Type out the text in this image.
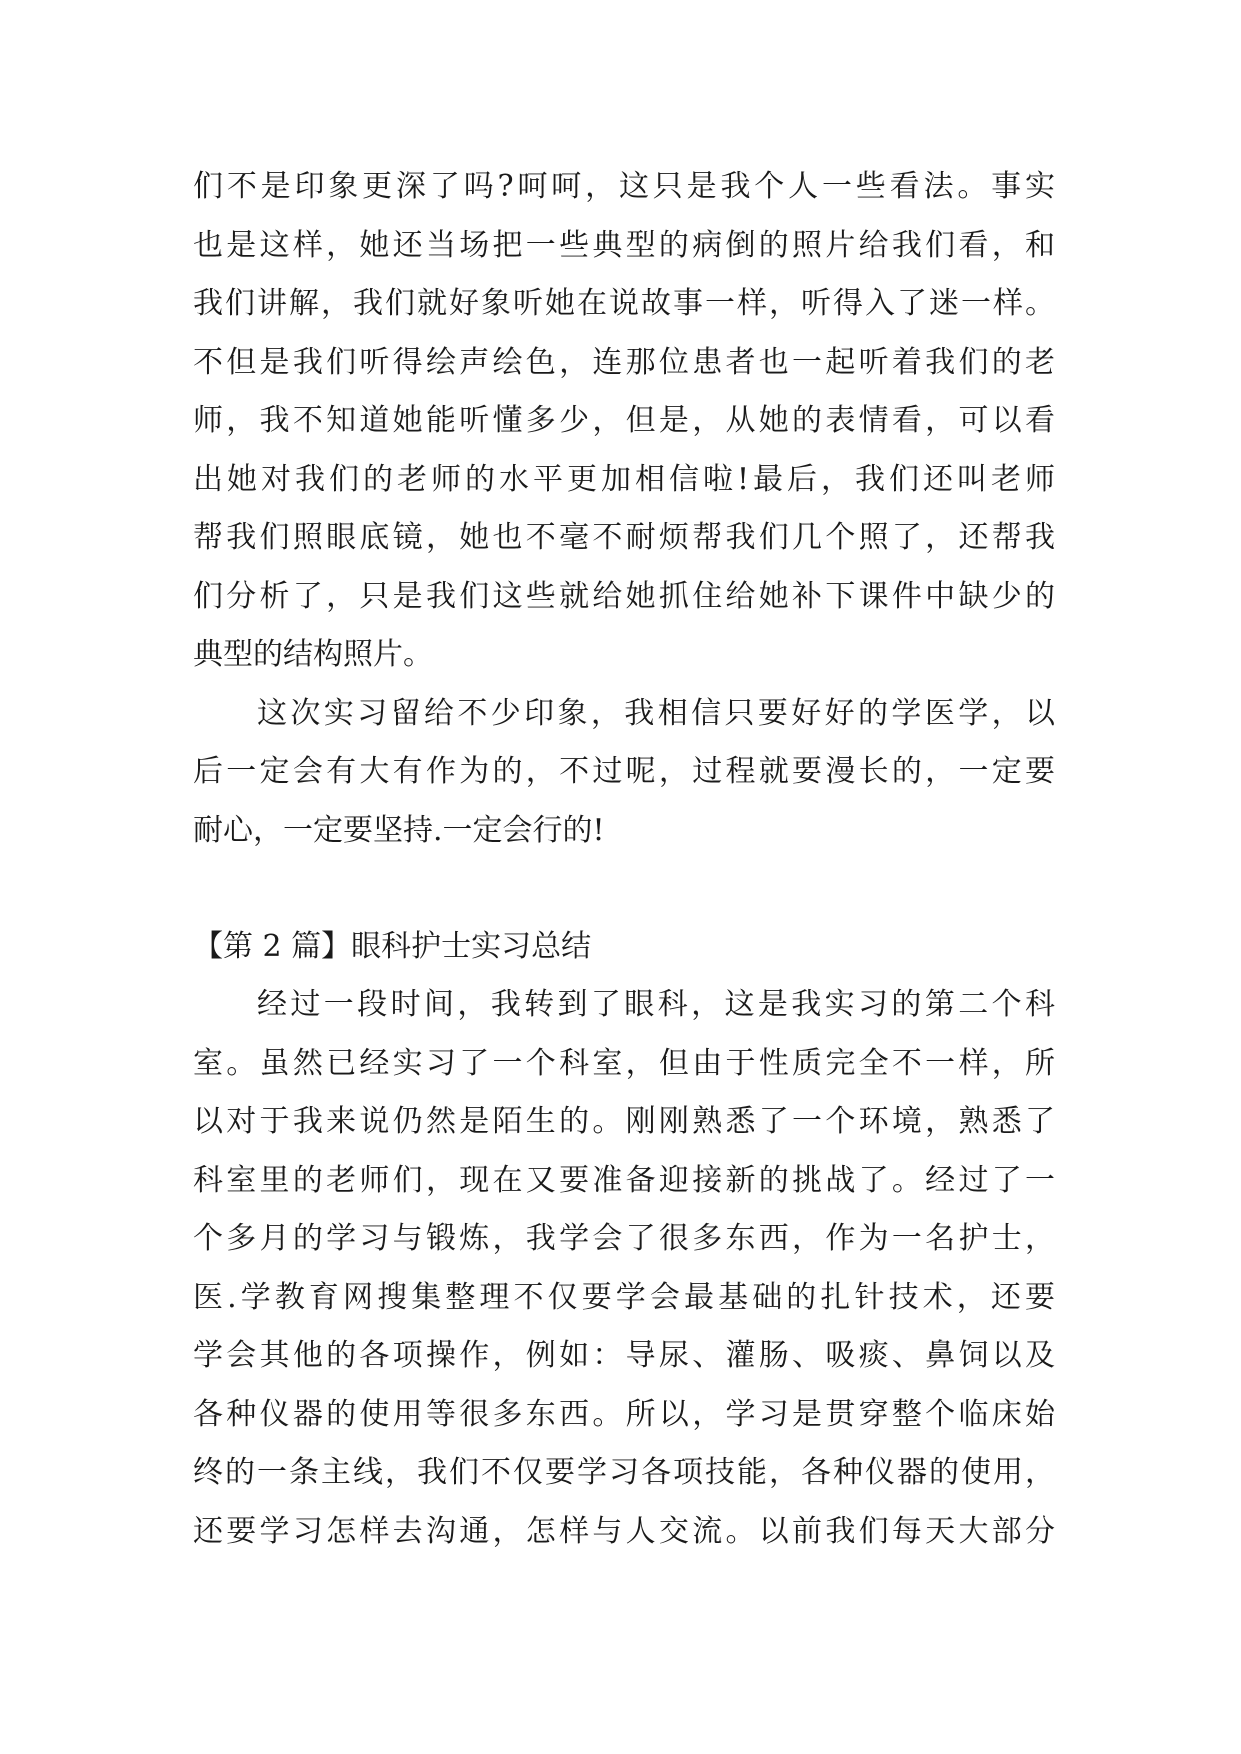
们不是印象更深了吗?呵呵，这只是我个人一些看法。事实
也是这样，她还当场把一些典型的病倒的照片给我们看，和
我们讲解，我们就好象听她在说故事一样，听得入了迷一样。
不但是我们听得绘声绘色，连那位患者也一起听着我们的老
师，我不知道她能听懂多少，但是，从她的表情看，可以看
出她对我们的老师的水平更加相信啦!最后，我们还叫老师
帮我们照眼底镜，她也不毫不耐烦帮我们几个照了，还帮我
们分析了，只是我们这些就给她抓住给她补下课件中缺少的
典型的结构照片。
这次实习留给不少印象，我相信只要好好的学医学，以
后一定会有大有作为的，不过呢，过程就要漫长的，一定要
耐心，一定要坚持.一定会行的!
【第 2 篇】眼科护士实习总结
经过一段时间，我转到了眼科，这是我实习的第二个科
室。虽然已经实习了一个科室，但由于性质完全不一样，所
以对于我来说仍然是陌生的。刚刚熟悉了一个环境，熟悉了
科室里的老师们，现在又要准备迎接新的挑战了。经过了一
个多月的学习与锻炼，我学会了很多东西，作为一名护士，
医.学教育网搜集整理不仅要学会最基础的扎针技术，还要
学会其他的各项操作，例如：导尿、灌肠、吸痰、鼻饲以及
各种仪器的使用等很多东西。所以，学习是贯穿整个临床始
终的一条主线，我们不仅要学习各项技能，各种仪器的使用，
还要学习怎样去沟通，怎样与人交流。以前我们每天大部分
